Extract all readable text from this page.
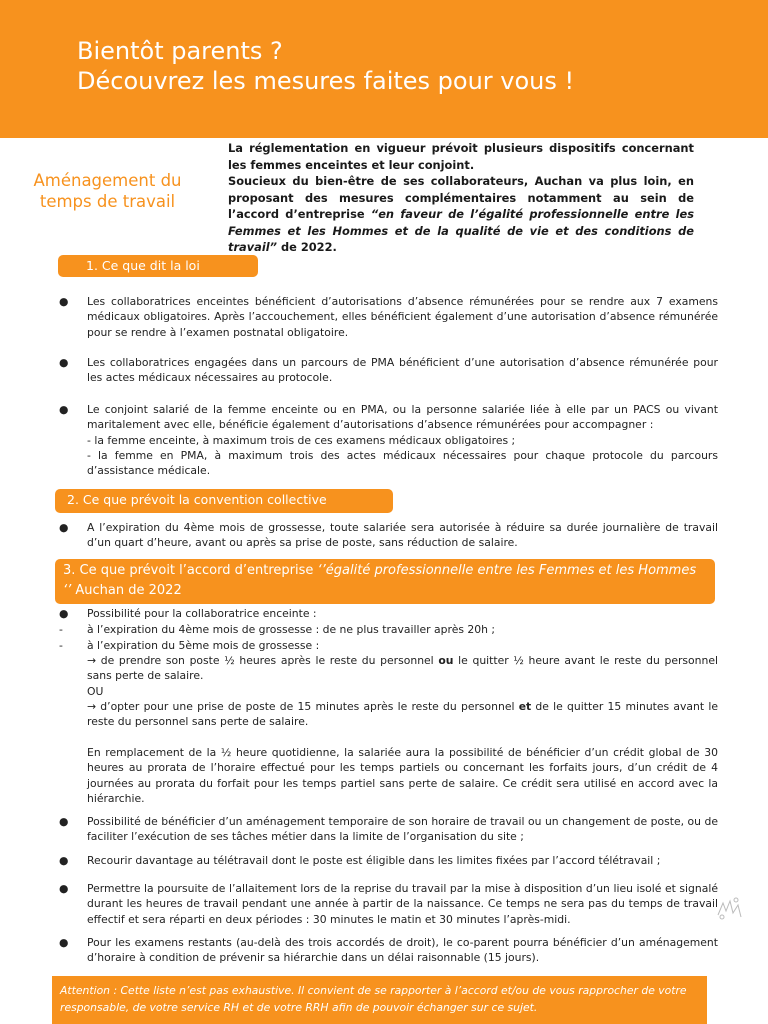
Bientôt parents ?
Découvrez les mesures faites pour vous !
Aménagement du
temps de travail
La réglementation en vigueur prévoit plusieurs dispositifs concernant les femmes enceintes et leur conjoint.
Soucieux du bien-être de ses collaborateurs, Auchan va plus loin, en proposant des mesures complémentaires notamment au sein de l’accord d’entreprise “en faveur de l’égalité professionnelle entre les Femmes et les Hommes et de la qualité de vie et des conditions de travail” de 2022.
1. Ce que dit la loi
● Les collaboratrices enceintes bénéficient d’autorisations d’absence rémunérées pour se rendre aux 7 examens médicaux obligatoires. Après l’accouchement, elles bénéficient également d’une autorisation d’absence rémunérée pour se rendre à l’examen postnatal obligatoire.
● Les collaboratrices engagées dans un parcours de PMA bénéficient d’une autorisation d’absence rémunérée pour les actes médicaux nécessaires au protocole.
● Le conjoint salarié de la femme enceinte ou en PMA, ou la personne salariée liée à elle par un PACS ou vivant maritalement avec elle, bénéficie également d’autorisations d’absence rémunérées pour accompagner :
- la femme enceinte, à maximum trois de ces examens médicaux obligatoires ;
- la femme en PMA, à maximum trois des actes médicaux nécessaires pour chaque protocole du parcours d’assistance médicale.
2. Ce que prévoit la convention collective
● A l’expiration du 4ème mois de grossesse, toute salariée sera autorisée à réduire sa durée journalière de travail d’un quart d’heure, avant ou après sa prise de poste, sans réduction de salaire.
3. Ce que prévoit l’accord d’entreprise ‘’égalité professionnelle entre les Femmes et les Hommes ‘’ Auchan de 2022
● Possibilité pour la collaboratrice enceinte :
- à l’expiration du 4ème mois de grossesse : de ne plus travailler après 20h ;
- à l’expiration du 5ème mois de grossesse :
→ de prendre son poste ½ heures après le reste du personnel ou le quitter ½ heure avant le reste du personnel sans perte de salaire.
OU
→ d’opter pour une prise de poste de 15 minutes après le reste du personnel et de le quitter 15 minutes avant le reste du personnel sans perte de salaire.
En remplacement de la ½ heure quotidienne, la salariée aura la possibilité de bénéficier d’un crédit global de 30 heures au prorata de l’horaire effectué pour les temps partiels ou concernant les forfaits jours, d’un crédit de 4 journées au prorata du forfait pour les temps partiel sans perte de salaire. Ce crédit sera utilisé en accord avec la hiérarchie.
● Possibilité de bénéficier d’un aménagement temporaire de son horaire de travail ou un changement de poste, ou de faciliter l’exécution de ses tâches métier dans la limite de l’organisation du site ;
● Recourir davantage au télétravail dont le poste est éligible dans les limites fixées par l’accord télétravail ;
● Permettre la poursuite de l’allaitement lors de la reprise du travail par la mise à disposition d’un lieu isolé et signalé durant les heures de travail pendant une année à partir de la naissance. Ce temps ne sera pas du temps de travail effectif et sera réparti en deux périodes : 30 minutes le matin et 30 minutes l’après-midi.
● Pour les examens restants (au-delà des trois accordés de droit), le co-parent pourra bénéficier d’un aménagement d’horaire à condition de prévenir sa hiérarchie dans un délai raisonnable (15 jours).
Attention : Cette liste n’est pas exhaustive. Il convient de se rapporter à l’accord et/ou de vous rapprocher de votre responsable, de votre service RH et de votre RRH afin de pouvoir échanger sur ce sujet.
